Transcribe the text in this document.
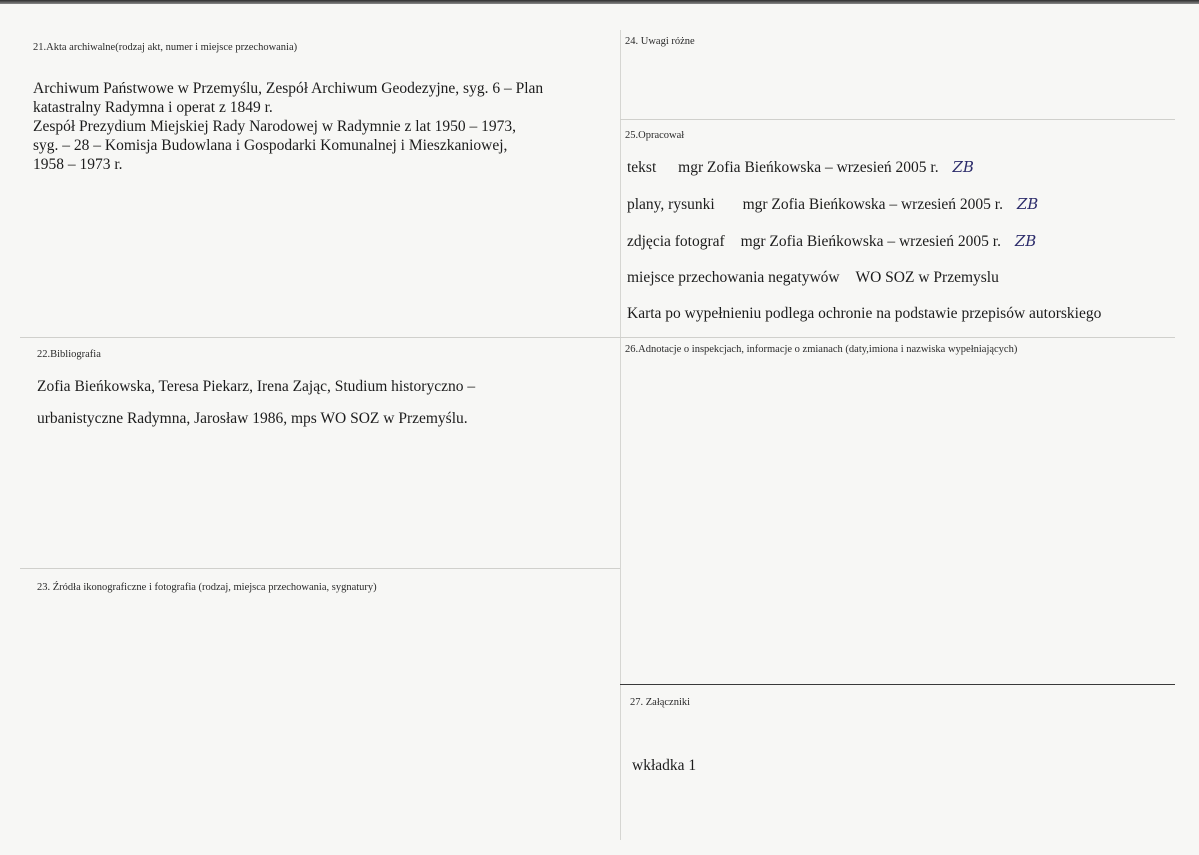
21.Akta archiwalne(rodzaj akt, numer i miejsce przechowania)
Archiwum Państwowe w Przemyślu, Zespół Archiwum Geodezyjne, syg. 6 – Plan
katastralny Radymna i operat z 1849 r.
Zespół Prezydium Miejskiej Rady Narodowej w Radymnie z lat 1950 – 1973,
syg. – 28 – Komisja Budowlana i Gospodarki Komunalnej i Mieszkaniowej,
1958 – 1973 r.
22.Bibliografia
Zofia Bieńkowska, Teresa Piekarz, Irena Zając, Studium historyczno –
urbanistyczne Radymna, Jarosław 1986, mps WO SOZ w Przemyślu.
23. Źródła ikonograficzne i fotografia (rodzaj, miejsca przechowania, sygnatury)
24. Uwagi różne
25.Opracował
tekst mgr Zofia Bieńkowska – wrzesień 2005 r. ZB
plany, rysunki mgr Zofia Bieńkowska – wrzesień 2005 r. ZB
zdjęcia fotograf mgr Zofia Bieńkowska – wrzesień 2005 r. ZB
miejsce przechowania negatywów WO SOZ w Przemyslu
Karta po wypełnieniu podlega ochronie na podstawie przepisów autorskiego
26.Adnotacje o inspekcjach, informacje o zmianach (daty,imiona i nazwiska wypełniających)
27. Załączniki
wkładka 1
